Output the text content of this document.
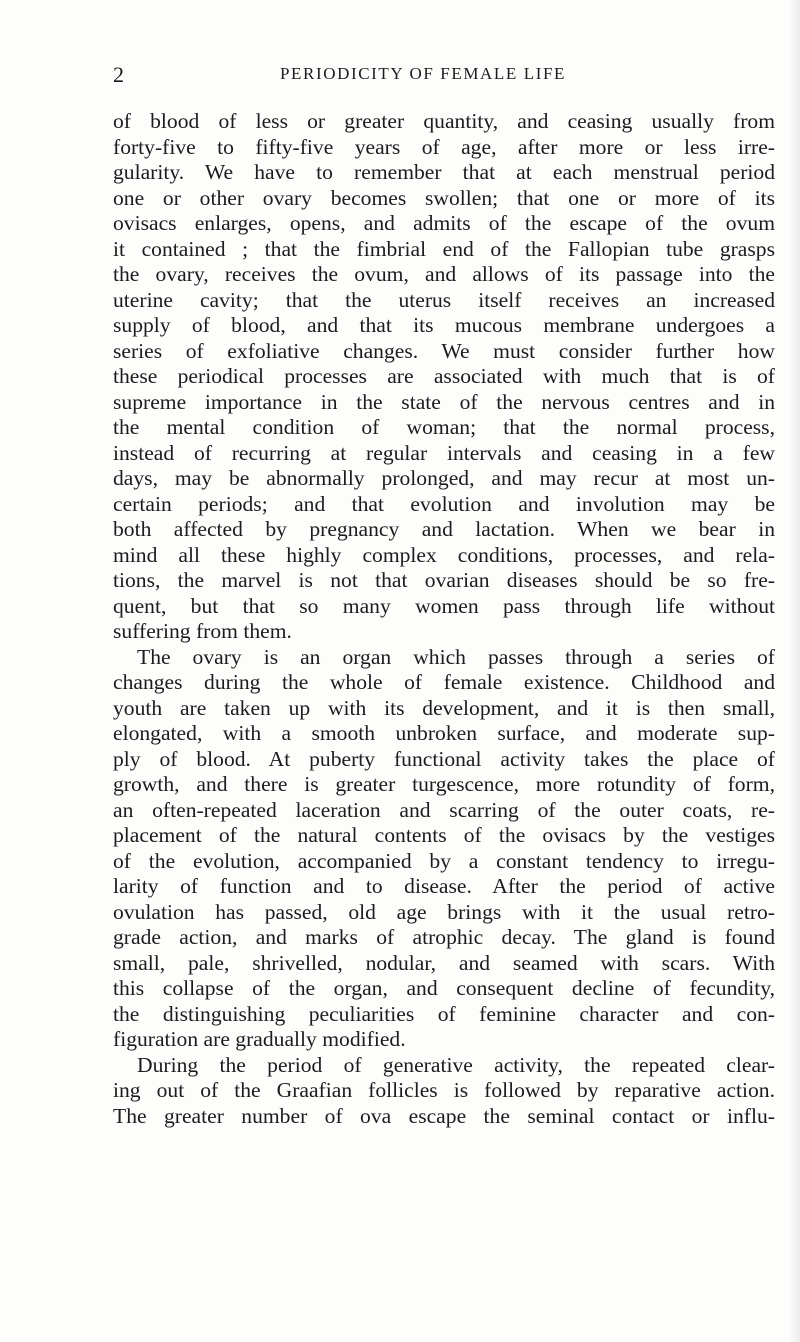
2	PERIODICITY OF FEMALE LIFE
of blood of less or greater quantity, and ceasing usually from
forty-five to fifty-five years of age, after more or less irre-
gularity. We have to remember that at each menstrual period
one or other ovary becomes swollen; that one or more of its
ovisacs enlarges, opens, and admits of the escape of the ovum
it contained ; that the fimbrial end of the Fallopian tube grasps
the ovary, receives the ovum, and allows of its passage into the
uterine cavity; that the uterus itself receives an increased
supply of blood, and that its mucous membrane undergoes a
series of exfoliative changes. We must consider further how
these periodical processes are associated with much that is of
supreme importance in the state of the nervous centres and in
the mental condition of woman; that the normal process,
instead of recurring at regular intervals and ceasing in a few
days, may be abnormally prolonged, and may recur at most un-
certain periods; and that evolution and involution may be
both affected by pregnancy and lactation. When we bear in
mind all these highly complex conditions, processes, and rela-
tions, the marvel is not that ovarian diseases should be so fre-
quent, but that so many women pass through life without
suffering from them.
The ovary is an organ which passes through a series of
changes during the whole of female existence. Childhood and
youth are taken up with its development, and it is then small,
elongated, with a smooth unbroken surface, and moderate sup-
ply of blood. At puberty functional activity takes the place of
growth, and there is greater turgescence, more rotundity of form,
an often-repeated laceration and scarring of the outer coats, re-
placement of the natural contents of the ovisacs by the vestiges
of the evolution, accompanied by a constant tendency to irregu-
larity of function and to disease. After the period of active
ovulation has passed, old age brings with it the usual retro-
grade action, and marks of atrophic decay. The gland is found
small, pale, shrivelled, nodular, and seamed with scars. With
this collapse of the organ, and consequent decline of fecundity,
the distinguishing peculiarities of feminine character and con-
figuration are gradually modified.
During the period of generative activity, the repeated clear-
ing out of the Graafian follicles is followed by reparative action.
The greater number of ova escape the seminal contact or influ-
